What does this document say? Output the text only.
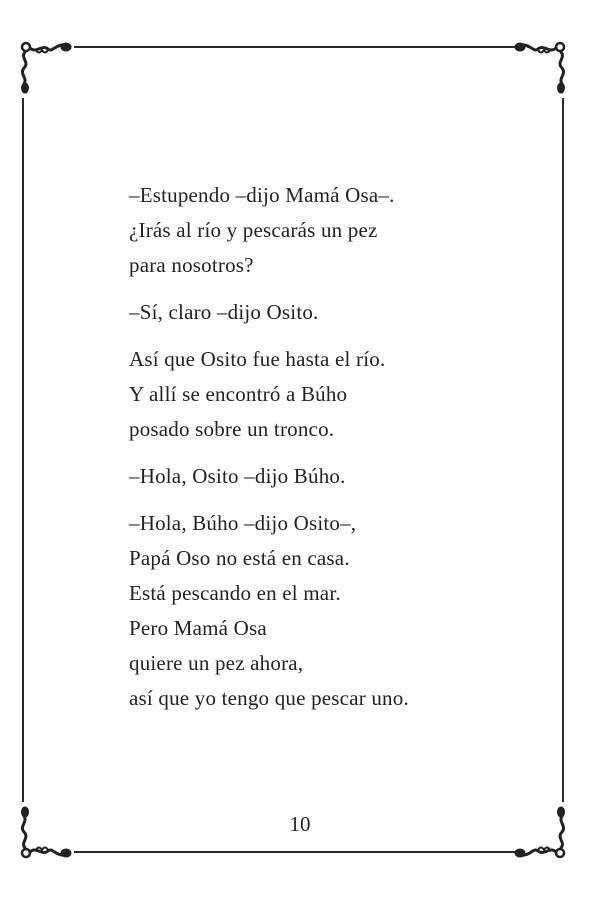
–Estupendo –dijo Mamá Osa–.
¿Irás al río y pescarás un pez
para nosotros?

–Sí, claro –dijo Osito.

Así que Osito fue hasta el río.
Y allí se encontró a Búho
posado sobre un tronco.

–Hola, Osito –dijo Búho.

–Hola, Búho –dijo Osito–,
Papá Oso no está en casa.
Está pescando en el mar.
Pero Mamá Osa
quiere un pez ahora,
así que yo tengo que pescar uno.

10
